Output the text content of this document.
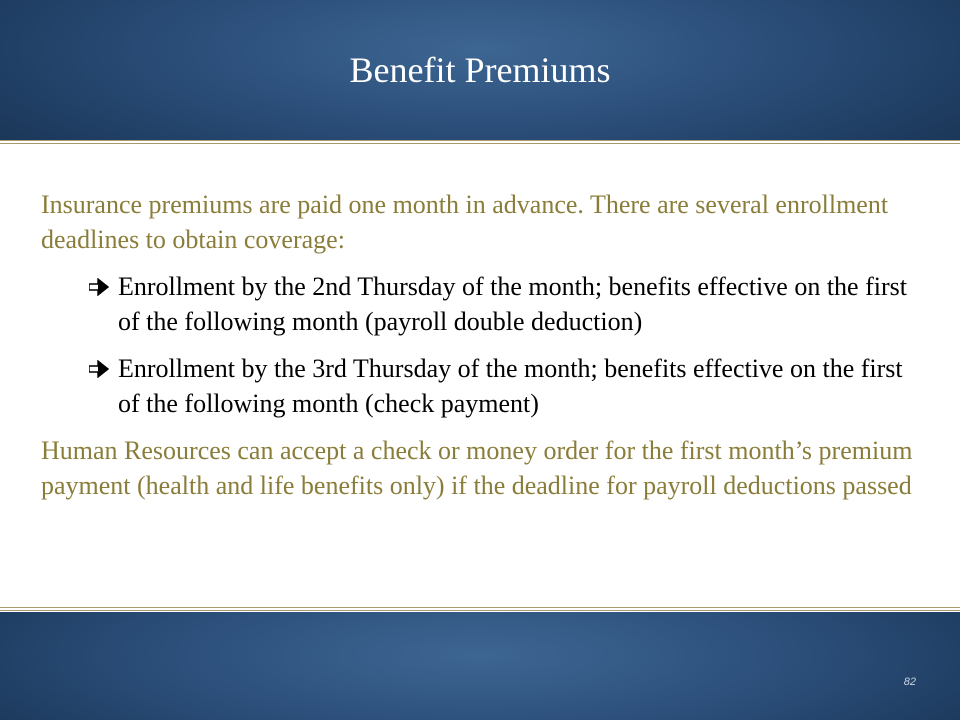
Benefit Premiums

Insurance premiums are paid one month in advance. There are several enrollment deadlines to obtain coverage:

Enrollment by the 2nd Thursday of the month; benefits effective on the first of the following month (payroll double deduction)
Enrollment by the 3rd Thursday of the month; benefits effective on the first of the following month (check payment)

Human Resources can accept a check or money order for the first month’s premium payment (health and life benefits only) if the deadline for payroll deductions passed

82
